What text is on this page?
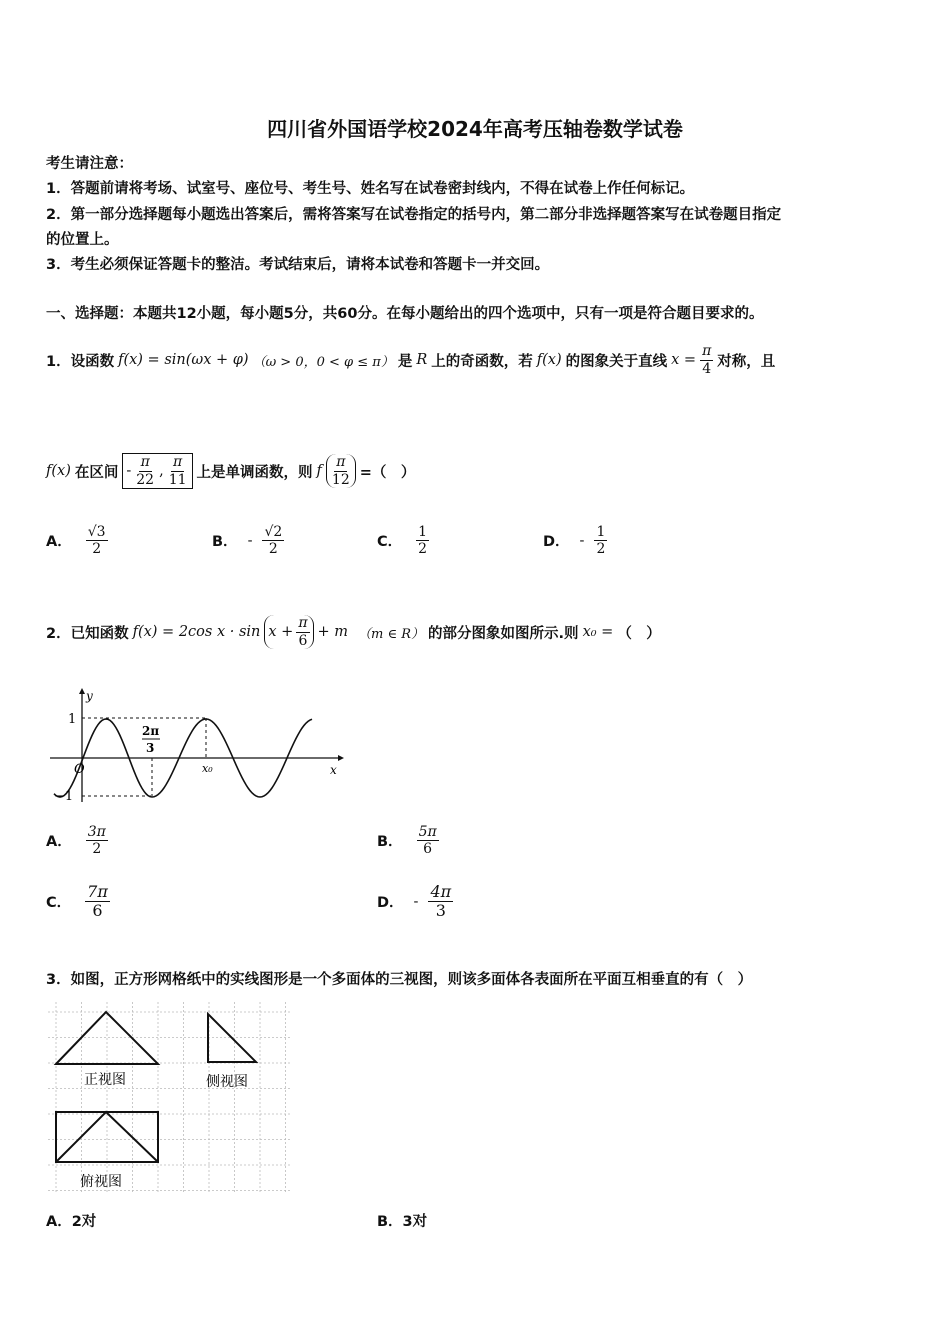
四川省外国语学校2024年高考压轴卷数学试卷
考生请注意：
1．答题前请将考场、试室号、座位号、考生号、姓名写在试卷密封线内，不得在试卷上作任何标记。
2．第一部分选择题每小题选出答案后，需将答案写在试卷指定的括号内，第二部分非选择题答案写在试卷题目指定
的位置上。
3．考生必须保证答题卡的整洁。考试结束后，请将本试卷和答题卡一并交回。
一、选择题：本题共12小题，每小题5分，共60分。在每小题给出的四个选项中，只有一项是符合题目要求的。
1．设函数 f(x) = sin(ωx + φ) （ω > 0，0 < φ ≤ π） 是 R 上的奇函数，若 f(x) 的图象关于直线 $x = \frac{\pi}{4}$ 对称，且
f(x) 在区间 - $\frac{\pi}{22}$ , $\frac{\pi}{11}$ 上是单调函数，则 f $\frac{\pi}{12}$ =（　）
A． $\frac{√3}{2}$	B． - $\frac{√2}{2}$	C． $\frac{1}{2}$	D． - $\frac{1}{2}$
2．已知函数 f(x) = 2cos $x \cdot \sin x + \frac{\pi}{6} + m$ （m ∈ R） 的部分图象如图所示.则 x₀ = （　）
y
x
O
1
−1
2π
3
x₀
A． $\frac{3\pi}{2}$	B． $\frac{5\pi}{6}$
C． $\frac{7\pi}{6}$	D． - $\frac{4\pi}{3}$
3．如图，正方形网格纸中的实线图形是一个多面体的三视图，则该多面体各表面所在平面互相垂直的有（　）
正视图	侧视图
俯视图
A．2对	B．3对
